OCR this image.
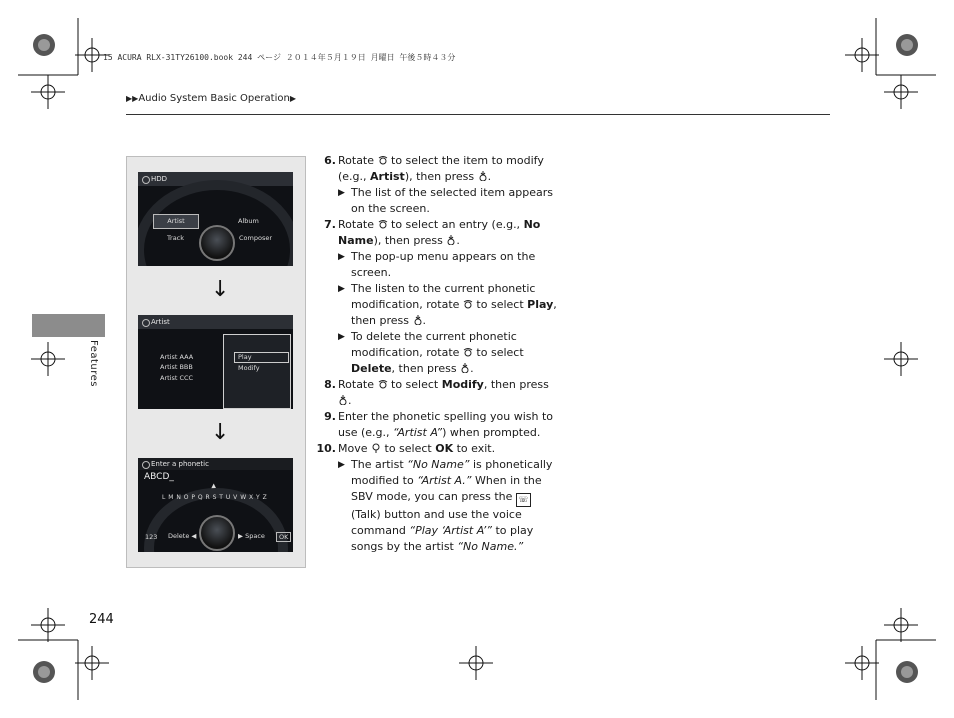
15 ACURA RLX-31TY26100.book 244 ページ ２０１４年５月１９日 月曜日 午後５時４３分
▶▶Audio System Basic Operation▶
Features
244
HDD
Artist	Album
Track	Composer
↓
Artist
Artist AAA
Artist BBB
Artist CCC
Play
Modify
↓
Enter a phonetic
ABCD_
▲
L M N O P Q R S T U V W X Y Z
123 Delete ◀	▶ Space	OK
6. Rotate to select the item to modify (e.g., Artist), then press .
▶ The list of the selected item appears on the screen.
7. Rotate to select an entry (e.g., No Name), then press .
▶ The pop-up menu appears on the screen.
▶ The listen to the current phonetic modification, rotate to select Play, then press .
▶ To delete the current phonetic modification, rotate to select Delete, then press .
8. Rotate to select Modify, then press .
9. Enter the phonetic spelling you wish to use (e.g., “Artist A”) when prompted.
10. Move to select OK to exit.
▶ The artist “No Name” is phonetically modified to “Artist A.” When in the SBV mode, you can press the ☏ (Talk) button and use the voice command “Play ‘Artist A’” to play songs by the artist “No Name.”
